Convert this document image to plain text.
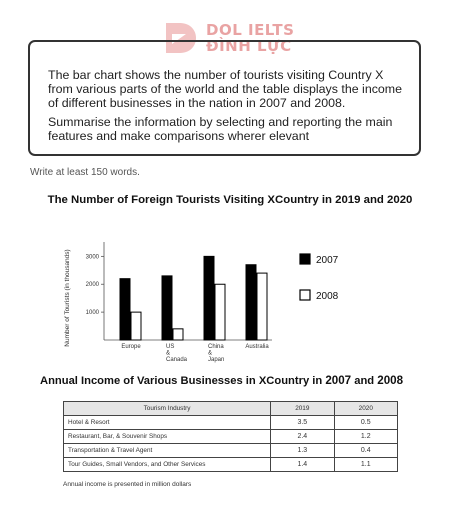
DOL IELTS
ĐÌNH LỰC

The bar chart shows the number of tourists visiting Country X from various parts of the world and the table displays the income of different businesses in the nation in 2007 and 2008.

Summarise the information by selecting and reporting the main features and make comparisons wherer elevant

Write at least 150 words.
The Number of Foreign Tourists Visiting XCountry in 2019 and 2020
Number of Tourists (in thousands) 1000
2000
3000
Europe	US
&
Canada
China
&
Japan
Australia
2007
2008
Annual Income of Various Businesses in XCountry in 2007 and 2008
Tourism Industry	2019	2020
Hotel & Resort	3.5	0.5
Restaurant, Bar, & Souvenir Shops	2.4	1.2
Transportation & Travel Agent	1.3	0.4
Tour Guides, Small Vendors, and Other Services	1.4	1.1
Annual income is presented in million dollars
